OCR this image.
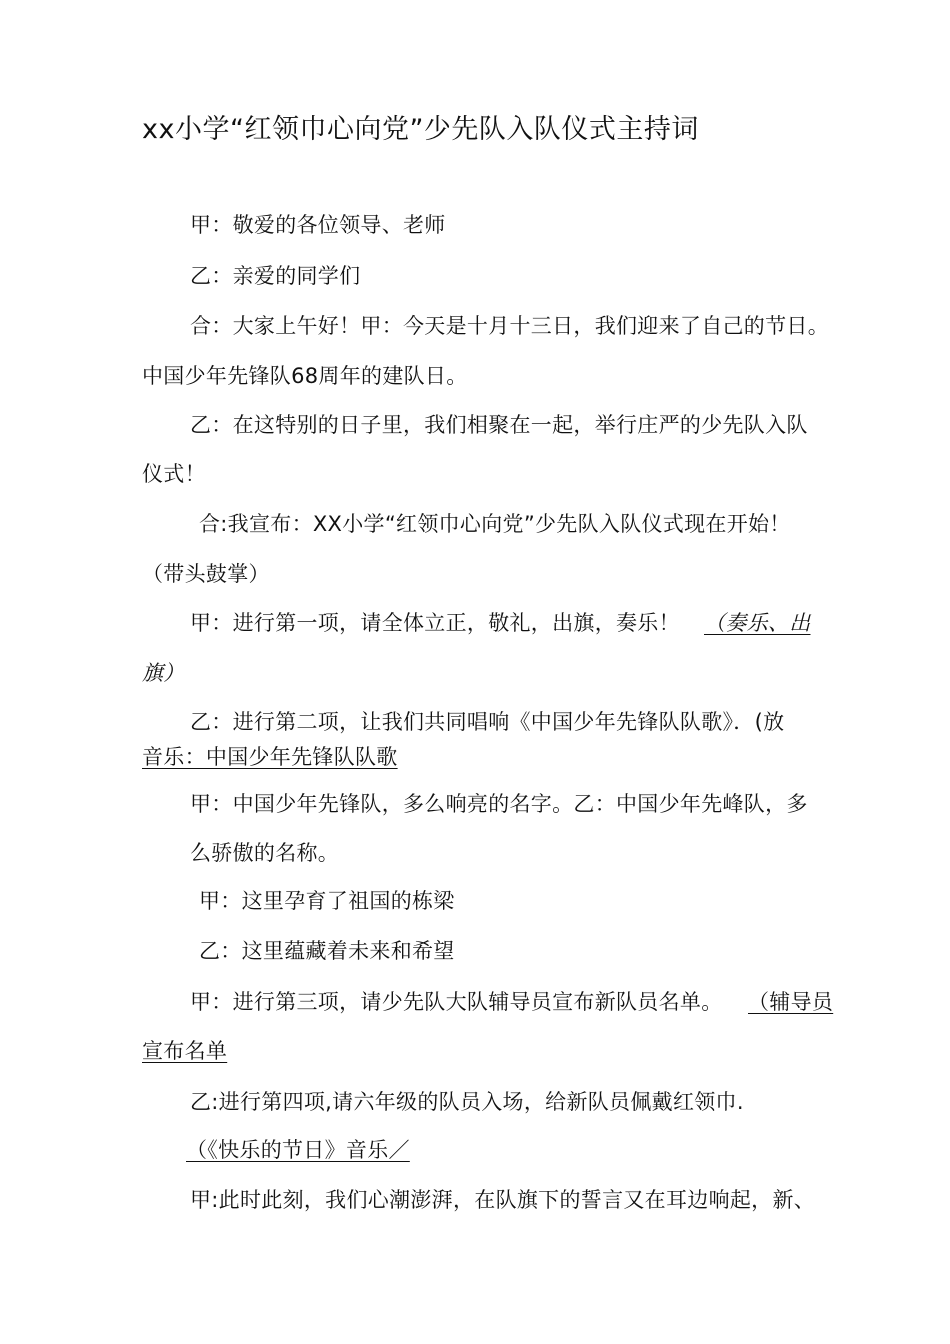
xx小学“红领巾心向党”少先队入队仪式主持词
甲：敬爱的各位领导、老师
乙：亲爱的同学们
合：大家上午好！甲：今天是十月十三日，我们迎来了自己的节日。
中国少年先锋队68周年的建队日。
乙：在这特别的日子里，我们相聚在一起，举行庄严的少先队入队
仪式！
合:我宣布：XX小学“红领巾心向党”少先队入队仪式现在开始！
（带头鼓掌）
甲：进行第一项，请全体立正，敬礼，出旗，奏乐！ （奏乐、出
旗）
乙：进行第二项，让我们共同唱响《中国少年先锋队队歌》．(放
音乐：中国少年先锋队队歌
甲：中国少年先锋队，多么响亮的名字。乙：中国少年先峰队，多
么骄傲的名称。
甲：这里孕育了祖国的栋梁
乙：这里蕴藏着未来和希望
甲：进行第三项，请少先队大队辅导员宣布新队员名单。 （辅导员
宣布名单
乙:进行第四项,请六年级的队员入场，给新队员佩戴红领巾.
（《快乐的节日》音乐／
甲:此时此刻，我们心潮澎湃，在队旗下的誓言又在耳边响起，新、
